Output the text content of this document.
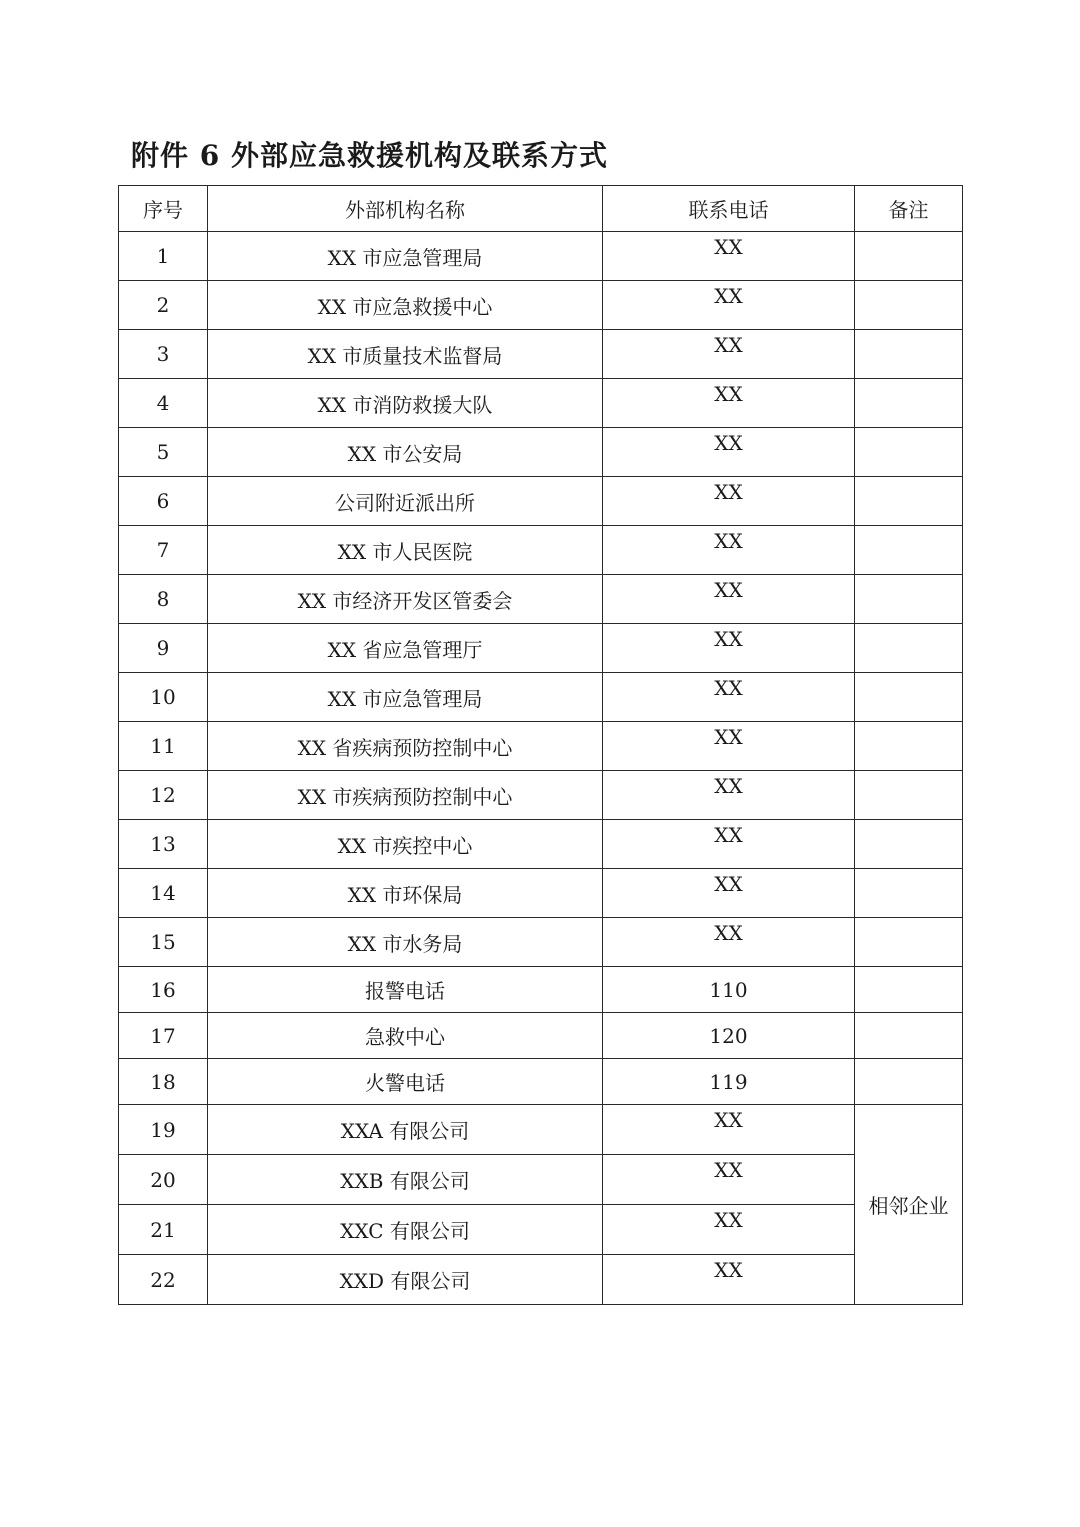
附件 6 外部应急救援机构及联系方式
序号	外部机构名称	联系电话	备注
1	XX 市应急管理局	XX	
2	XX 市应急救援中心	XX	
3	XX 市质量技术监督局	XX	
4	XX 市消防救援大队	XX	
5	XX 市公安局	XX	
6	公司附近派出所	XX	
7	XX 市人民医院	XX	
8	XX 市经济开发区管委会	XX	
9	XX 省应急管理厅	XX	
10	XX 市应急管理局	XX	
11	XX 省疾病预防控制中心	XX	
12	XX 市疾病预防控制中心	XX	
13	XX 市疾控中心	XX	
14	XX 市环保局	XX	
15	XX 市水务局	XX	
16	报警电话	110	
17	急救中心	120	
18	火警电话	119	
19	XXA 有限公司	XX	相邻企业
20	XXB 有限公司	XX	
21	XXC 有限公司	XX	
22	XXD 有限公司	XX	
